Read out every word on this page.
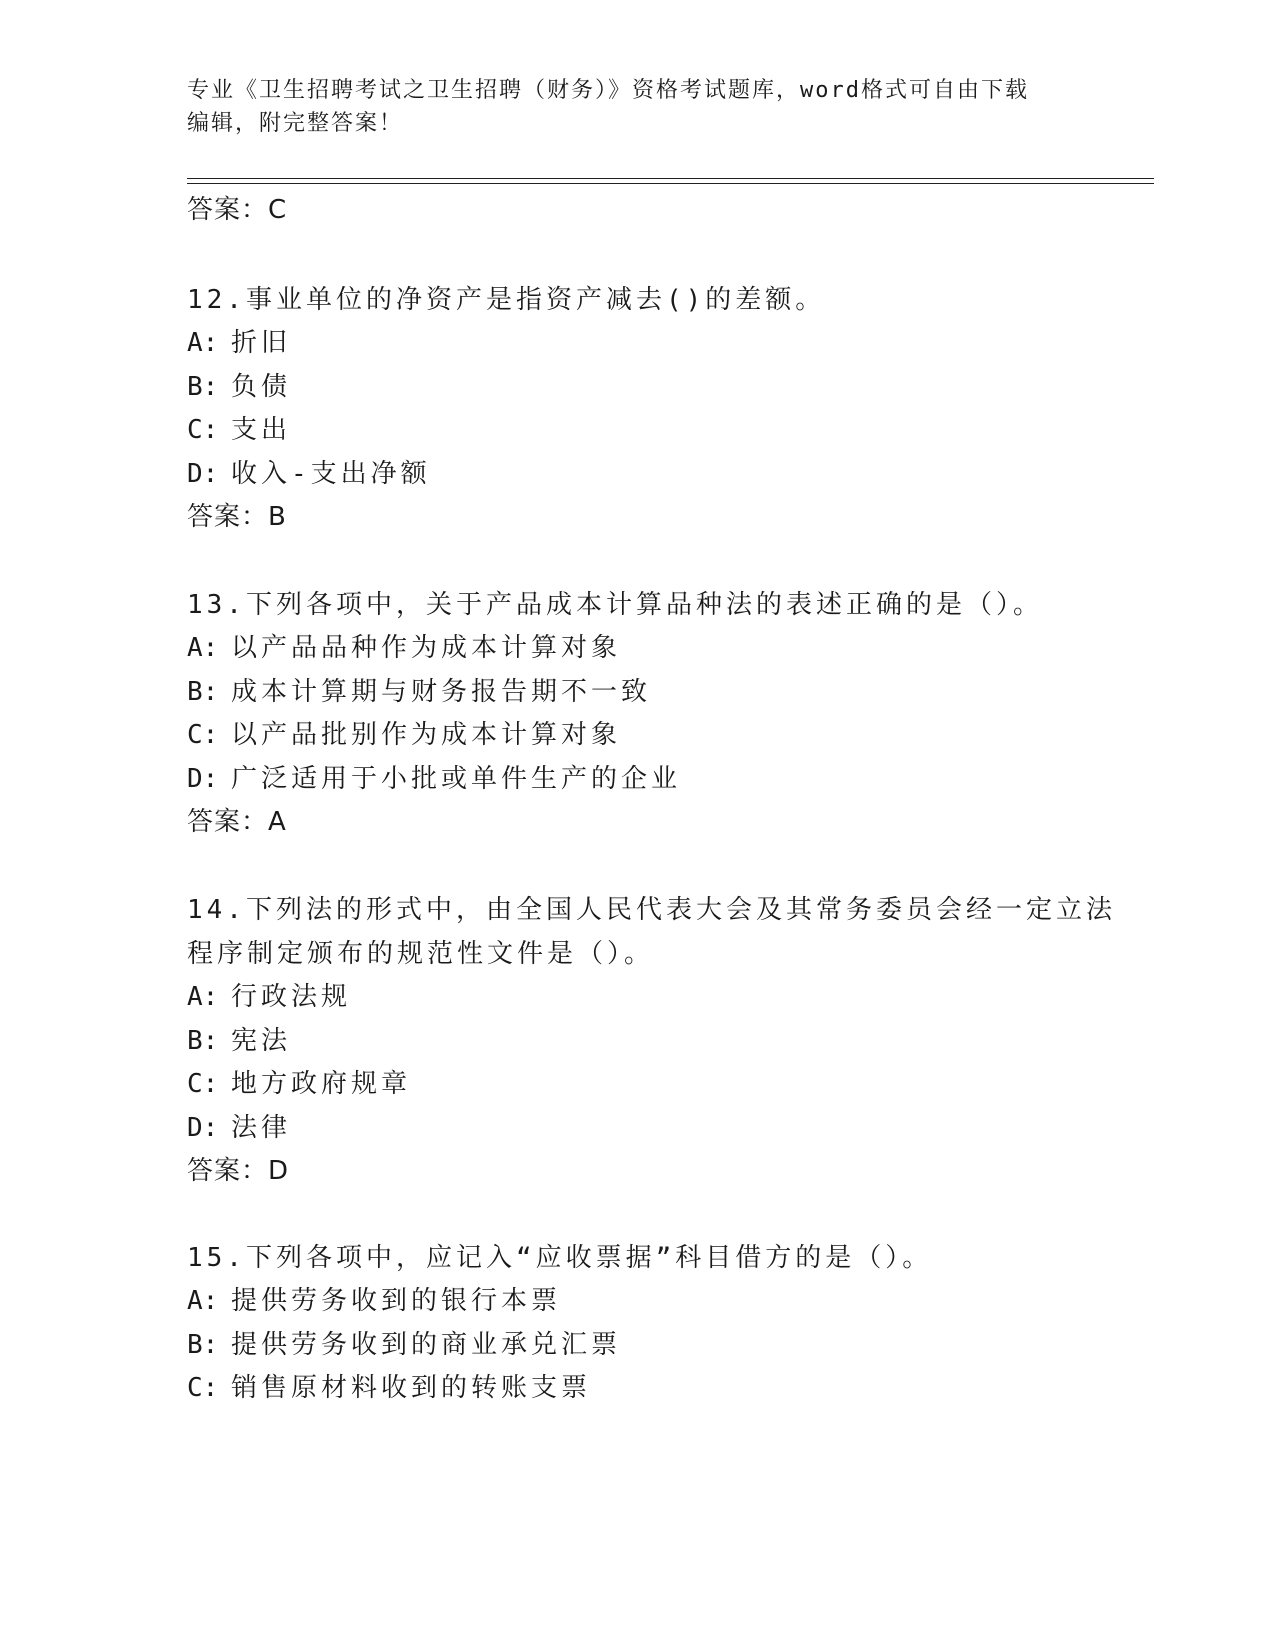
专业《卫生招聘考试之卫生招聘（财务）》资格考试题库，word格式可自由下载
编辑，附完整答案！
答案：C
12.事业单位的净资产是指资产减去()的差额。
A: 折旧
B: 负债
C: 支出
D: 收入-支出净额
答案：B
13.下列各项中，关于产品成本计算品种法的表述正确的是（）。
A: 以产品品种作为成本计算对象
B: 成本计算期与财务报告期不一致
C: 以产品批别作为成本计算对象
D: 广泛适用于小批或单件生产的企业
答案：A
14.下列法的形式中，由全国人民代表大会及其常务委员会经一定立法
程序制定颁布的规范性文件是（）。
A: 行政法规
B: 宪法
C: 地方政府规章
D: 法律
答案：D
15.下列各项中，应记入“应收票据”科目借方的是（）。
A: 提供劳务收到的银行本票
B: 提供劳务收到的商业承兑汇票
C: 销售原材料收到的转账支票
